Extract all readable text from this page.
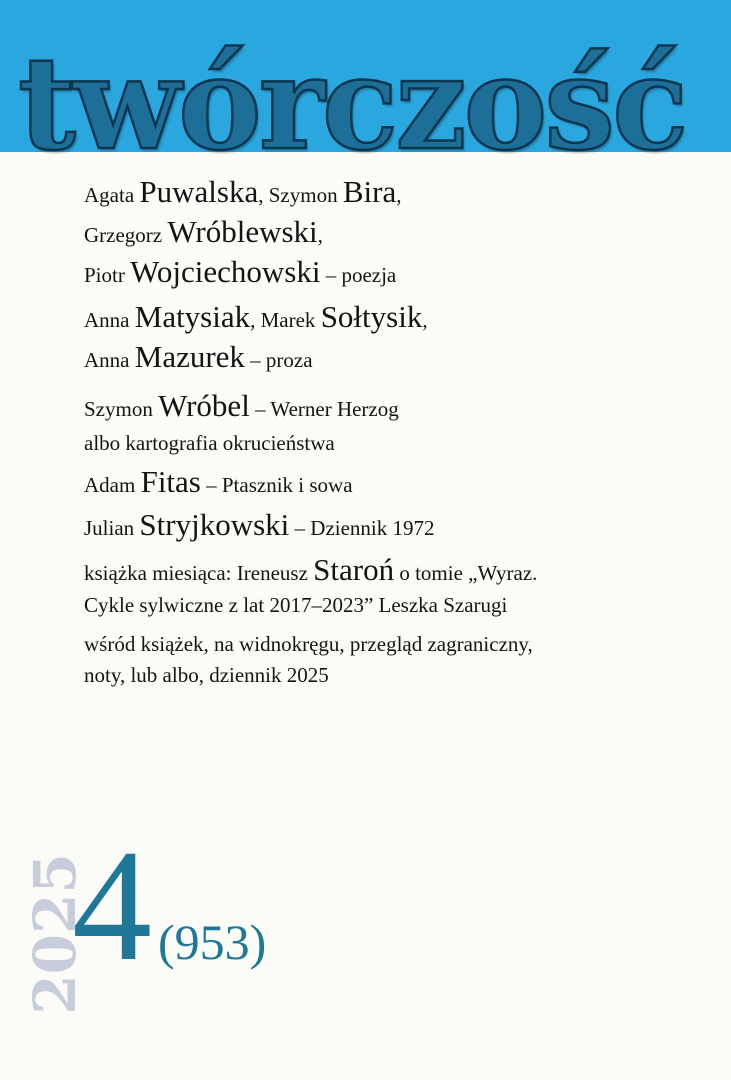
twórczość
Agata Puwalska, Szymon Bira,
Grzegorz Wróblewski,
Piotr Wojciechowski – poezja
Anna Matysiak, Marek Sołtysik,
Anna Mazurek – proza
Szymon Wróbel – Werner Herzog
albo kartografia okrucieństwa
Adam Fitas – Ptasznik i sowa
Julian Stryjkowski – Dziennik 1972
książka miesiąca: Ireneusz Staroń o tomie „Wyraz.
Cykle sylwiczne z lat 2017–2023” Leszka Szarugi
wśród książek, na widnokręgu, przegląd zagraniczny,
noty, lub albo, dziennik 2025
2025
4 (953)
